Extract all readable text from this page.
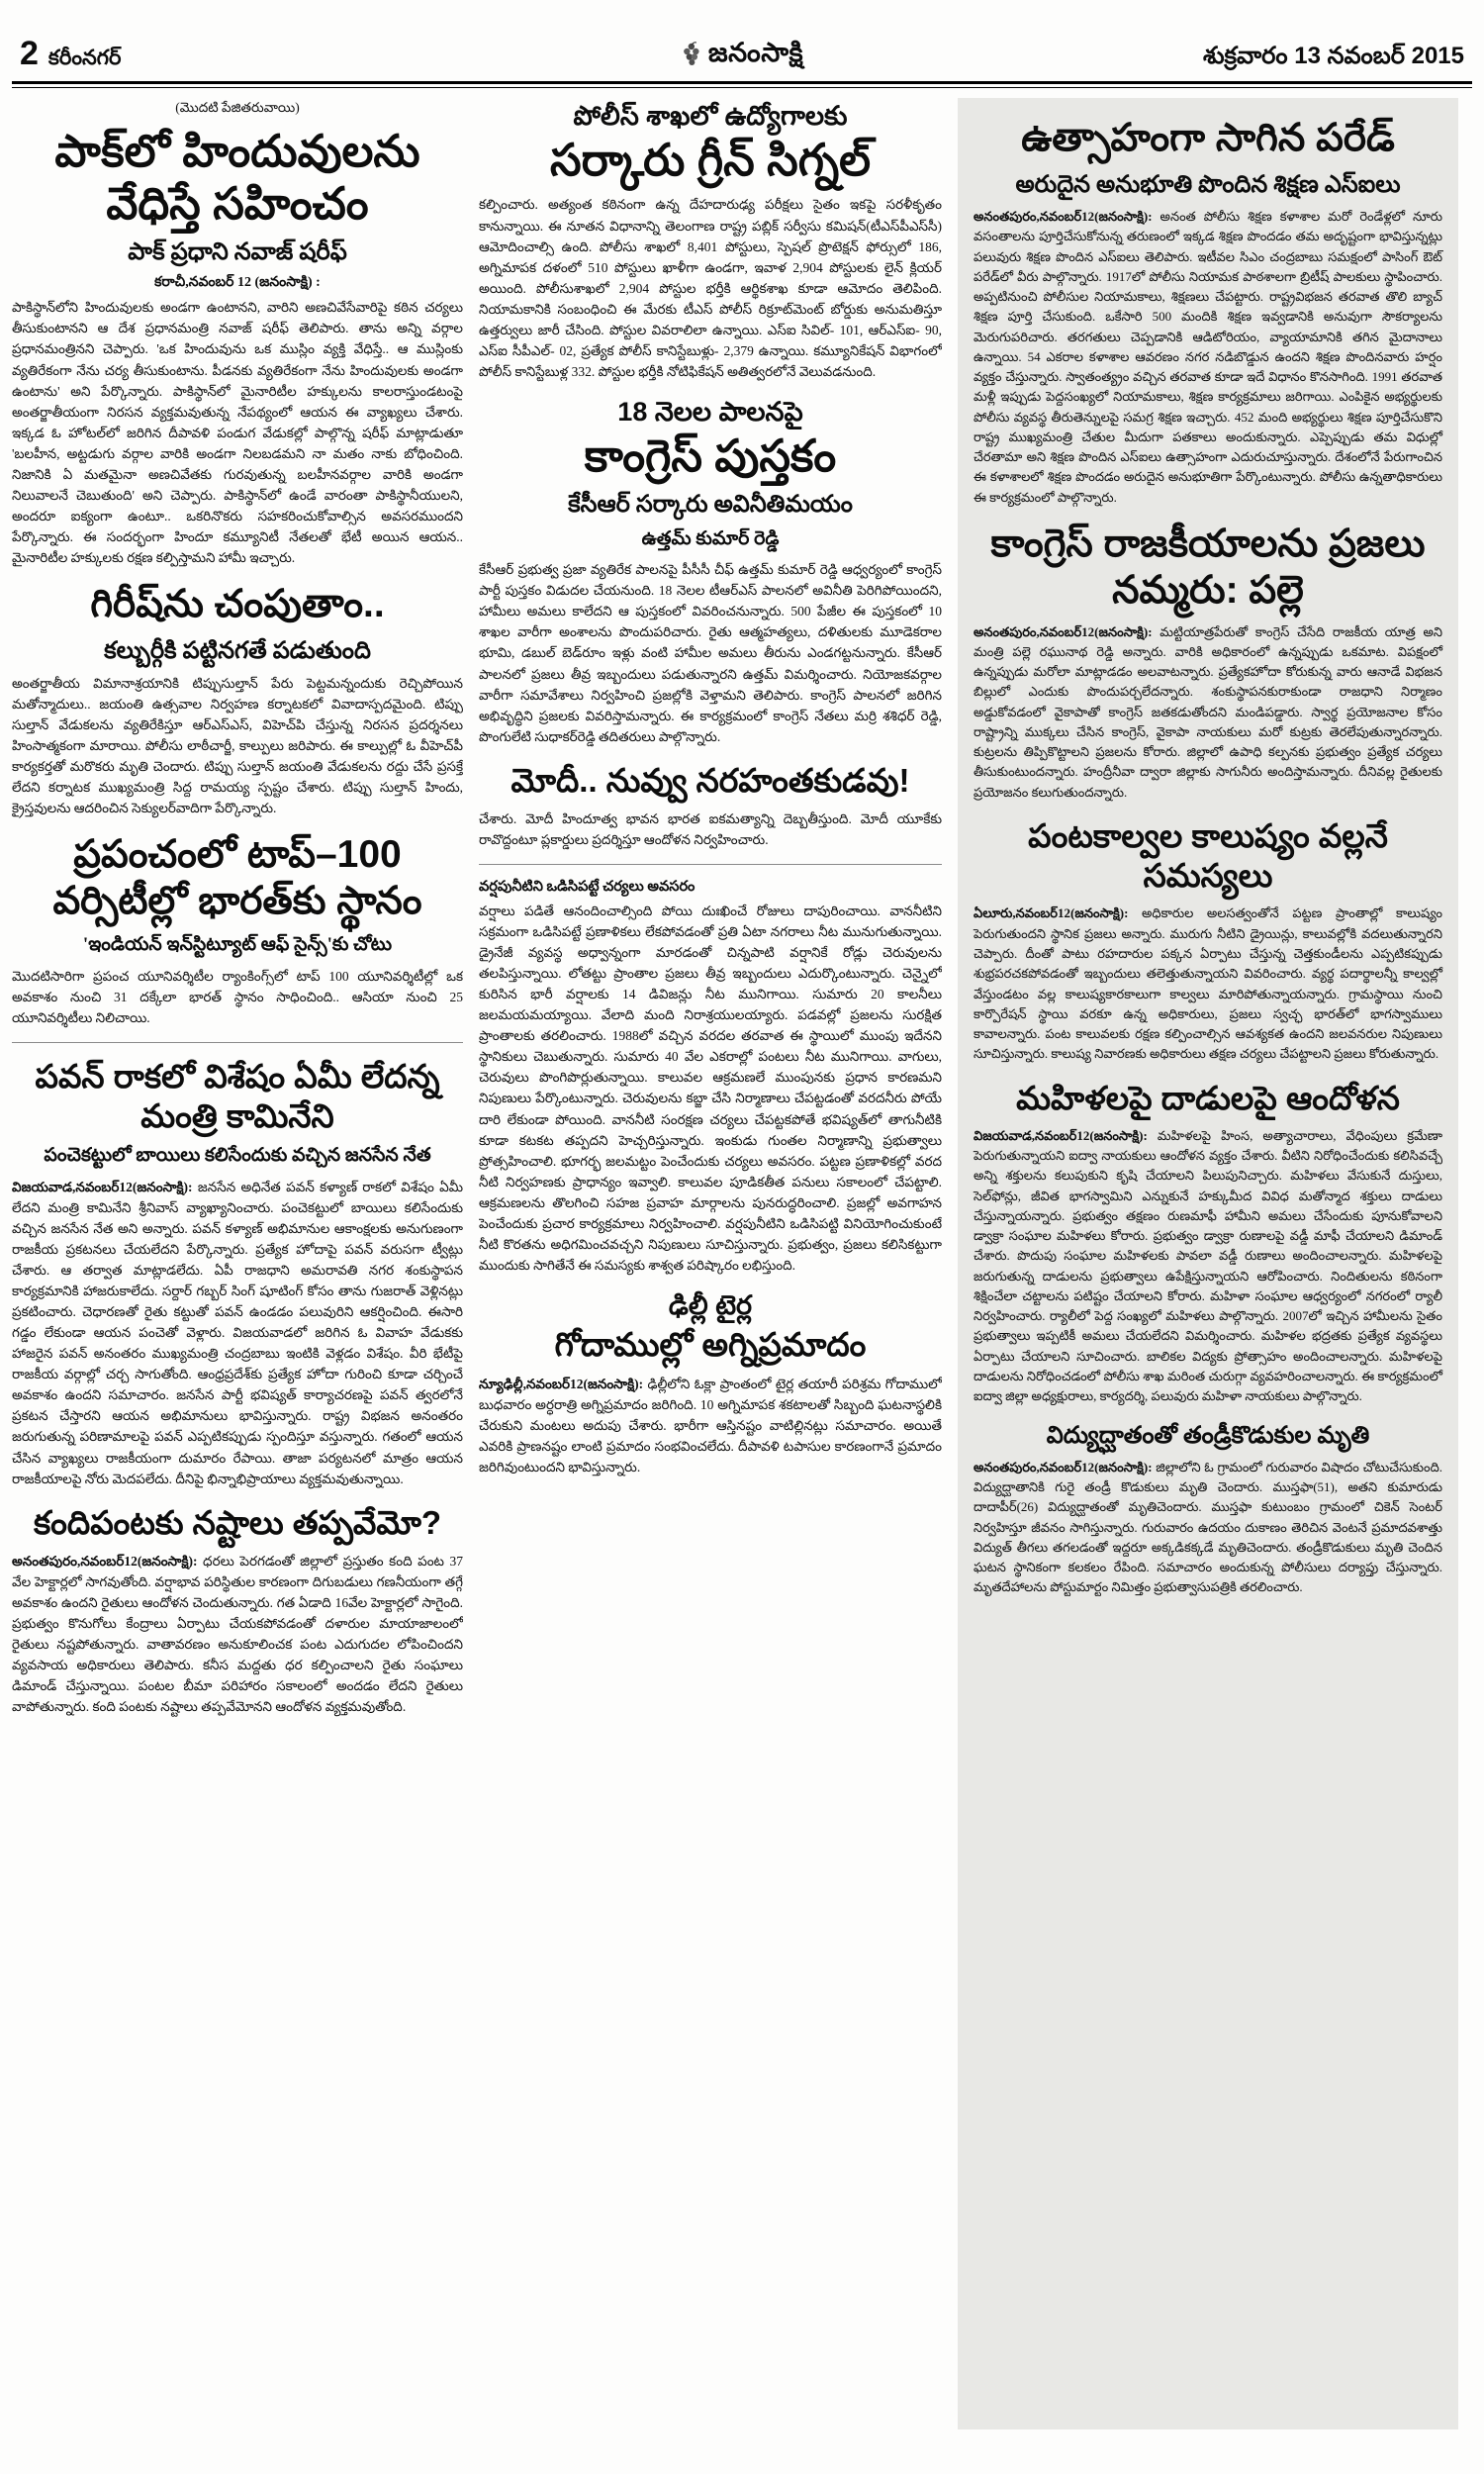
2 కరీంనగర్	జనంసాక్షి	శుక్రవారం 13 నవంబర్ 2015
(మొదటి పేజితరువాయి)
పాక్‌లో హిందువులను వేధిస్తే సహించం
పాక్ ప్రధాని నవాజ్ షరీఫ్
కరాచీ,నవంబర్ 12 (జనంసాక్షి) :

పాకిస్థాన్‌లోని హిందువులకు అండగా ఉంటానని, వారిని అణచివేసేవారిపై కఠిన చర్యలు తీసుకుంటానని ఆ దేశ ప్రధానమంత్రి నవాజ్ షరీఫ్ తెలిపారు. తాను అన్ని వర్గాల ప్రధానమంత్రినని చెప్పారు. 'ఒక హిందువును ఒక ముస్లిం వ్యక్తి వేధిస్తే.. ఆ ముస్లింకు వ్యతిరేకంగా నేను చర్య తీసుకుంటాను. పీడనకు వ్యతిరేకంగా నేను హిందువులకు అండగా ఉంటాను' అని పేర్కొన్నారు. పాకిస్థాన్‌లో మైనారిటీల హక్కులను కాలరాస్తుండటంపై అంతర్జాతీయంగా నిరసన వ్యక్తమవుతున్న నేపథ్యంలో ఆయన ఈ వ్యాఖ్యలు చేశారు. ఇక్కడ ఓ హోటల్‌లో జరిగిన దీపావళి పండుగ వేడుకల్లో పాల్గొన్న షరీఫ్ మాట్లాడుతూ 'బలహీన, అట్టడుగు వర్గాల వారికి అండగా నిలబడమని నా మతం నాకు బోధించింది. నిజానికి ఏ మతమైనా అణచివేతకు గురవుతున్న బలహీనవర్గాల వారికి అండగా నిలువాలనే చెబుతుంది' అని చెప్పారు. పాకిస్థాన్‌లో ఉండే వారంతా పాకిస్థానీయులని, అందరూ ఐక్యంగా ఉంటూ.. ఒకరినొకరు సహకరించుకోవాల్సిన అవసరముందని పేర్కొన్నారు. ఈ సందర్భంగా హిందూ కమ్యూనిటీ నేతలతో భేటీ అయిన ఆయన.. మైనారిటీల హక్కులకు రక్షణ కల్పిస్తామని హామీ ఇచ్చారు.

గిరీష్‌ను చంపుతాం..
కల్బుర్గీకి పట్టినగతే పడుతుంది

అంతర్జాతీయ విమానాశ్రయానికి టిప్పుసుల్తాన్ పేరు పెట్టమన్నందుకు రెచ్చిపోయిన మతోన్మాదులు.. జయంతి ఉత్సవాల నిర్వహణ కర్నాటకలో వివాదాస్పదమైంది. టిప్పు సుల్తాన్ వేడుకలను వ్యతిరేకిస్తూ ఆర్ఎస్ఎస్, విహెచ్‌పి చేస్తున్న నిరసన ప్రదర్శనలు హింసాత్మకంగా మారాయి. పోలీసు లాఠీచార్జీ, కాల్పులు జరిపారు. ఈ కాల్పుల్లో ఓ వీహెచ్‌పీ కార్యకర్తతో మరొకరు మృతి చెందారు. టిప్పు సుల్తాన్ జయంతి వేడుకలను రద్దు చేసే ప్రసక్తే లేదని కర్నాటక ముఖ్యమంత్రి సిద్ద రామయ్య స్పష్టం చేశారు. టిప్పు సుల్తాన్ హిందు, క్రైస్తవులను ఆదరించిన సెక్యులర్‌వాదిగా పేర్కొన్నారు.

ప్రపంచంలో టాప్–100 వర్సిటీల్లో భారత్‌కు స్థానం
'ఇండియన్ ఇన్‌స్టిట్యూట్ ఆఫ్ సైన్స్'కు చోటు

మొదటిసారిగా ప్రపంచ యూనివర్శిటీల ర్యాంకింగ్స్‌లో టాప్ 100 యూనివర్శిటీల్లో ఒక అవకాశం నుంచి 31 దక్కేలా భారత్ స్థానం సాధించింది.. ఆసియా నుంచి 25 యూనివర్శిటీలు నిలిచాయి.

పవన్ రాకలో విశేషం ఏమీ లేదన్న మంత్రి కామినేని
పంచెకట్టులో బాయిలు కలిసేందుకు వచ్చిన జనసేన నేత

విజయవాడ,నవంబర్12(జనంసాక్షి): జనసేన అధినేత పవన్ కళ్యాణ్ రాకలో విశేషం ఏమీ లేదని మంత్రి కామినేని శ్రీనివాస్ వ్యాఖ్యానించారు. పంచెకట్టులో బాయిలు కలిసేందుకు వచ్చిన జనసేన నేత అని అన్నారు. పవన్ కళ్యాణ్ అభిమానుల ఆకాంక్షలకు అనుగుణంగా రాజకీయ ప్రకటనలు చేయలేదని పేర్కొన్నారు. ప్రత్యేక హోదాపై పవన్ వరుసగా ట్వీట్లు చేశారు. ఆ తర్వాత మాట్లాడలేదు. ఏపీ రాజధాని అమరావతి నగర శంకుస్థాపన కార్యక్రమానికి హాజరుకాలేదు. సర్దార్ గబ్బర్ సింగ్ షూటింగ్ కోసం తాను గుజరాత్ వెళ్లినట్లు ప్రకటించారు. చెధారణతో రైతు కట్టుతో పవన్ ఉండడం పలువురిని ఆకర్షించింది. ఈసారి గడ్డం లేకుండా ఆయన పంచెతో వెళ్లారు. విజయవాడలో జరిగిన ఓ వివాహ వేడుకకు హాజరైన పవన్ అనంతరం ముఖ్యమంత్రి చంద్రబాబు ఇంటికి వెళ్లడం విశేషం. వీరి భేటీపై రాజకీయ వర్గాల్లో చర్చ సాగుతోంది. ఆంధ్రప్రదేశ్‌కు ప్రత్యేక హోదా గురించి కూడా చర్చించే అవకాశం ఉందని సమాచారం. జనసేన పార్టీ భవిష్యత్ కార్యాచరణపై పవన్ త్వరలోనే ప్రకటన చేస్తారని ఆయన అభిమానులు భావిస్తున్నారు. రాష్ట్ర విభజన అనంతరం జరుగుతున్న పరిణామాలపై పవన్ ఎప్పటికప్పుడు స్పందిస్తూ వస్తున్నారు. గతంలో ఆయన చేసిన వ్యాఖ్యలు రాజకీయంగా దుమారం రేపాయి. తాజా పర్యటనలో మాత్రం ఆయన రాజకీయాలపై నోరు మెదపలేదు. దీనిపై భిన్నాభిప్రాయాలు వ్యక్తమవుతున్నాయి.

కందిపంటకు నష్టాలు తప్పవేమో?

అనంతపురం,నవంబర్12(జనంసాక్షి): ధరలు పెరగడంతో జిల్లాలో ప్రస్తుతం కంది పంట 37 వేల హెక్టార్లలో సాగవుతోంది. వర్షాభావ పరిస్థితుల కారణంగా దిగుబడులు గణనీయంగా తగ్గే అవకాశం ఉందని రైతులు ఆందోళన చెందుతున్నారు. గత ఏడాది 16వేల హెక్టార్లలో సాగైంది. ప్రభుత్వం కొనుగోలు కేంద్రాలు ఏర్పాటు చేయకపోవడంతో దళారుల మాయాజాలంలో రైతులు నష్టపోతున్నారు. వాతావరణం అనుకూలించక పంట ఎదుగుదల లోపించిందని వ్యవసాయ అధికారులు తెలిపారు. కనీస మద్దతు ధర కల్పించాలని రైతు సంఘాలు డిమాండ్ చేస్తున్నాయి. పంటల బీమా పరిహారం సకాలంలో అందడం లేదని రైతులు వాపోతున్నారు. కంది పంటకు నష్టాలు తప్పవేమోనని ఆందోళన వ్యక్తమవుతోంది.

పోలీస్ శాఖలో ఉద్యోగాలకు
సర్కారు గ్రీన్ సిగ్నల్

కల్పించారు. అత్యంత కఠినంగా ఉన్న దేహదారుఢ్య పరీక్షలు సైతం ఇకపై సరళీకృతం కానున్నాయి. ఈ నూతన విధానాన్ని తెలంగాణ రాష్ట్ర పబ్లిక్ సర్వీసు కమిషన్(టీఎస్‌పీఎస్‌సీ) ఆమోదించాల్సి ఉంది. పోలీసు శాఖలో 8,401 పోస్టులు, స్పెషల్ ప్రొటెక్షన్ ఫోర్సులో 186, అగ్నిమాపక దళంలో 510 పోస్టులు ఖాళీగా ఉండగా, ఇవాళ 2,904 పోస్టులకు లైన్ క్లియర్ అయింది. పోలీసుశాఖలో 2,904 పోస్టుల భర్తీకి ఆర్థికశాఖ కూడా ఆమోదం తెలిపింది. నియామకానికి సంబంధించి ఈ మేరకు టీఎస్ పోలీస్ రిక్రూట్‌మెంట్ బోర్డుకు అనుమతిస్తూ ఉత్తర్వులు జారీ చేసింది. పోస్టుల వివరాలిలా ఉన్నాయి. ఎస్ఐ సివిల్- 101, ఆర్‌ఎస్ఐ- 90, ఎస్ఐ సీపీఎల్- 02, ప్రత్యేక పోలీస్ కానిస్టేబుళ్లు- 2,379 ఉన్నాయి. కమ్యూనికేషన్ విభాగంలో పోలీస్ కానిస్టేబుళ్ల 332. పోస్టుల భర్తీకి నోటిఫికేషన్ అతిత్వరలోనే వెలువడనుంది.

18 నెలల పాలనపై
కాంగ్రెస్ పుస్తకం
కేసీఆర్ సర్కారు అవినీతిమయం
ఉత్తమ్ కుమార్ రెడ్డి

కేసీఆర్ ప్రభుత్వ ప్రజా వ్యతిరేక పాలనపై పీసీసీ చీఫ్ ఉత్తమ్ కుమార్ రెడ్డి ఆధ్వర్యంలో కాంగ్రెస్ పార్టీ పుస్తకం విడుదల చేయనుంది. 18 నెలల టీఆర్ఎస్ పాలనలో అవినీతి పెరిగిపోయిందని, హామీలు అమలు కాలేదని ఆ పుస్తకంలో వివరించనున్నారు. 500 పేజీల ఈ పుస్తకంలో 10 శాఖల వారీగా అంశాలను పొందుపరిచారు. రైతు ఆత్మహత్యలు, దళితులకు మూడెకరాల భూమి, డబుల్ బెడ్‌రూం ఇళ్లు వంటి హామీల అమలు తీరును ఎండగట్టనున్నారు. కేసీఆర్ పాలనలో ప్రజలు తీవ్ర ఇబ్బందులు పడుతున్నారని ఉత్తమ్ విమర్శించారు. నియోజకవర్గాల వారీగా సమావేశాలు నిర్వహించి ప్రజల్లోకి వెళ్తామని తెలిపారు. కాంగ్రెస్ పాలనలో జరిగిన అభివృద్ధిని ప్రజలకు వివరిస్తామన్నారు. ఈ కార్యక్రమంలో కాంగ్రెస్ నేతలు మర్రి శశిధర్ రెడ్డి, పొంగులేటి సుధాకర్‌రెడ్డి తదితరులు పాల్గొన్నారు.

మోదీ.. నువ్వు నరహంతకుడవు!

చేశారు. మోదీ హిందూత్వ భావన భారత ఐకమత్యాన్ని దెబ్బతీస్తుంది. మోదీ యూకేకు రావొద్దంటూ ప్లకార్డులు ప్రదర్శిస్తూ ఆందోళన నిర్వహించారు.

వర్షపునీటిని ఒడిసిపట్టే చర్యలు అవసరం

వర్షాలు పడితే ఆనందించాల్సింది పోయి దుఃఖించే రోజులు దాపురించాయి. వాననీటిని సక్రమంగా ఒడిసిపట్టే ప్రణాళికలు లేకపోవడంతో ప్రతి ఏటా నగరాలు నీట మునుగుతున్నాయి. డ్రైనేజీ వ్యవస్థ అధ్వాన్నంగా మారడంతో చిన్నపాటి వర్షానికే రోడ్లు చెరువులను తలపిస్తున్నాయి. లోతట్టు ప్రాంతాల ప్రజలు తీవ్ర ఇబ్బందులు ఎదుర్కొంటున్నారు. చెన్నైలో కురిసిన భారీ వర్షాలకు 14 డివిజన్లు నీట మునిగాయి. సుమారు 20 కాలనీలు జలమయమయ్యాయి. వేలాది మంది నిరాశ్రయులయ్యారు. పడవల్లో ప్రజలను సురక్షిత ప్రాంతాలకు తరలించారు. 1988లో వచ్చిన వరదల తరవాత ఈ స్థాయిలో ముంపు ఇదేనని స్థానికులు చెబుతున్నారు. సుమారు 40 వేల ఎకరాల్లో పంటలు నీట మునిగాయి. వాగులు, చెరువులు పొంగిపొర్లుతున్నాయి. కాలువల ఆక్రమణలే ముంపునకు ప్రధాన కారణమని నిపుణులు పేర్కొంటున్నారు. చెరువులను కబ్జా చేసి నిర్మాణాలు చేపట్టడంతో వరదనీరు పోయే దారి లేకుండా పోయింది. వాననీటి సంరక్షణ చర్యలు చేపట్టకపోతే భవిష్యత్‌లో తాగునీటికి కూడా కటకట తప్పదని హెచ్చరిస్తున్నారు. ఇంకుడు గుంతల నిర్మాణాన్ని ప్రభుత్వాలు ప్రోత్సహించాలి. భూగర్భ జలమట్టం పెంచేందుకు చర్యలు అవసరం. పట్టణ ప్రణాళికల్లో వరద నీటి నిర్వహణకు ప్రాధాన్యం ఇవ్వాలి. కాలువల పూడికతీత పనులు సకాలంలో చేపట్టాలి. ఆక్రమణలను తొలగించి సహజ ప్రవాహ మార్గాలను పునరుద్ధరించాలి. ప్రజల్లో అవగాహన పెంచేందుకు ప్రచార కార్యక్రమాలు నిర్వహించాలి. వర్షపునీటిని ఒడిసిపట్టి వినియోగించుకుంటే నీటి కొరతను అధిగమించవచ్చని నిపుణులు సూచిస్తున్నారు. ప్రభుత్వం, ప్రజలు కలిసికట్టుగా ముందుకు సాగితేనే ఈ సమస్యకు శాశ్వత పరిష్కారం లభిస్తుంది.

ఢిల్లీ టైర్ల
గోదాముల్లో అగ్నిప్రమాదం

న్యూఢిల్లీ,నవంబర్12(జనంసాక్షి): ఢిల్లీలోని ఓక్లా ప్రాంతంలో టైర్ల తయారీ పరిశ్రమ గోదాములో బుధవారం అర్ధరాత్రి అగ్నిప్రమాదం జరిగింది. 10 అగ్నిమాపక శకటాలతో సిబ్బంది ఘటనాస్థలికి చేరుకుని మంటలు అదుపు చేశారు. భారీగా ఆస్తినష్టం వాటిల్లినట్లు సమాచారం. అయితే ఎవరికి ప్రాణనష్టం లాంటి ప్రమాదం సంభవించలేదు. దీపావళి టపాసుల కారణంగానే ప్రమాదం జరిగివుంటుందని భావిస్తున్నారు.

ఉత్సాహంగా సాగిన పరేడ్
అరుదైన అనుభూతి పొందిన శిక్షణ ఎస్ఐలు

అనంతపురం,నవంబర్12(జనంసాక్షి): అనంత పోలీసు శిక్షణ కళాశాల మరో రెండేళ్లలో నూరు వసంతాలను పూర్తిచేసుకోనున్న తరుణంలో ఇక్కడ శిక్షణ పొందడం తమ అదృష్టంగా భావిస్తున్నట్లు పలువురు శిక్షణ పొందిన ఎస్ఐలు తెలిపారు. ఇటీవల సిఎం చంద్రబాబు సమక్షంలో పాసింగ్ ఔట్ పరేడ్‌లో వీరు పాల్గొన్నారు. 1917లో పోలీసు నియామక పాఠశాలగా బ్రిటీష్ పాలకులు స్థాపించారు. అప్పటినుంచి పోలీసుల నియామకాలు, శిక్షణలు చేపట్టారు. రాష్ట్రవిభజన తరవాత తొలి బ్యాచ్ శిక్షణ పూర్తి చేసుకుంది. ఒకేసారి 500 మందికి శిక్షణ ఇవ్వడానికి అనువుగా సౌకర్యాలను మెరుగుపరిచారు. తరగతులు చెప్పడానికి ఆడిటోరియం, వ్యాయామానికి తగిన మైదానాలు ఉన్నాయి. 54 ఎకరాల కళాశాల ఆవరణం నగర నడిబొడ్డున ఉందని శిక్షణ పొందినవారు హర్షం వ్యక్తం చేస్తున్నారు. స్వాతంత్య్రం వచ్చిన తరవాత కూడా ఇదే విధానం కొనసాగింది. 1991 తరవాత మళ్లీ ఇప్పుడు పెద్దసంఖ్యలో నియామకాలు, శిక్షణ కార్యక్రమాలు జరిగాయి. ఎంపికైన అభ్యర్థులకు పోలీసు వ్యవస్థ తీరుతెన్నులపై సమగ్ర శిక్షణ ఇచ్చారు. 452 మంది అభ్యర్థులు శిక్షణ పూర్తిచేసుకొని రాష్ట్ర ముఖ్యమంత్రి చేతుల మీదుగా పతకాలు అందుకున్నారు. ఎప్పెప్పుడు తమ విధుల్లో చేరతామా అని శిక్షణ పొందిన ఎస్ఐలు ఉత్సాహంగా ఎదురుచూస్తున్నారు. దేశంలోనే పేరుగాంచిన ఈ కళాశాలలో శిక్షణ పొందడం అరుదైన అనుభూతిగా పేర్కొంటున్నారు. పోలీసు ఉన్నతాధికారులు ఈ కార్యక్రమంలో పాల్గొన్నారు.

కాంగ్రెస్ రాజకీయాలను ప్రజలు నమ్మరు: పల్లె

అనంతపురం,నవంబర్12(జనంసాక్షి): మట్టియాత్రపేరుతో కాంగ్రెస్ చేసేది రాజకీయ యాత్ర అని మంత్రి పల్లె రఘునాథ రెడ్డి అన్నారు. వారికి అధికారంలో ఉన్నప్పుడు ఒకమాట. విపక్షంలో ఉన్నప్పుడు మరోలా మాట్లాడడం అలవాటన్నారు. ప్రత్యేకహోదా కోరుకున్న వారు ఆనాడే విభజన బిల్లులో ఎందుకు పొందుపర్చలేదన్నారు. శంకుస్థాపనకురాకుండా రాజధాని నిర్మాణం అడ్డుకోవడంలో వైకాపాతో కాంగ్రెస్ జతకడుతోందని మండిపడ్డారు. స్వార్థ ప్రయోజనాల కోసం రాష్ట్రాన్ని ముక్కలు చేసిన కాంగ్రెస్, వైకాపా నాయకులు మరో కుట్రకు తెరలేపుతున్నారన్నారు. కుట్రలను తిప్పికొట్టాలని ప్రజలను కోరారు. జిల్లాలో ఉపాధి కల్పనకు ప్రభుత్వం ప్రత్యేక చర్యలు తీసుకుంటుందన్నారు. హంద్రీనీవా ద్వారా జిల్లాకు సాగునీరు అందిస్తామన్నారు. దీనివల్ల రైతులకు ప్రయోజనం కలుగుతుందన్నారు.

పంటకాల్వల కాలుష్యం వల్లనే సమస్యలు

ఏలూరు,నవంబర్12(జనంసాక్షి): అధికారుల అలసత్వంతోనే పట్టణ ప్రాంతాల్లో కాలుష్యం పెరుగుతుందని స్థానిక ప్రజలు అన్నారు. మురుగు నీటిని డ్రైయిన్లు, కాలువల్లోకి వదలుతున్నారని చెప్పారు. దీంతో పాటు రహదారుల పక్కన ఏర్పాటు చేస్తున్న చెత్తకుండీలను ఎప్పటికప్పుడు శుభ్రపరచకపోవడంతో ఇబ్బందులు తలెత్తుతున్నాయని వివరించారు. వ్యర్థ పదార్థాలన్నీ కాల్వల్లో వేస్తుండటం వల్ల కాలుష్యకారకాలుగా కాల్వలు మారిపోతున్నాయన్నారు. గ్రామస్థాయి నుంచి కార్పొరేషన్ స్థాయి వరకూ ఉన్న అధికారులు, ప్రజలు స్వచ్ఛ భారత్‌లో భాగస్వాములు కావాలన్నారు. పంట కాలువలకు రక్షణ కల్పించాల్సిన ఆవశ్యకత ఉందని జలవనరుల నిపుణులు సూచిస్తున్నారు. కాలుష్య నివారణకు అధికారులు తక్షణ చర్యలు చేపట్టాలని ప్రజలు కోరుతున్నారు.

మహిళలపై దాడులపై ఆందోళన

విజయవాడ,నవంబర్12(జనంసాక్షి): మహిళలపై హింస, అత్యాచారాలు, వేధింపులు క్రమేణా పెరుగుతున్నాయని ఐద్వా నాయకులు ఆందోళన వ్యక్తం చేశారు. వీటిని నిరోధించేందుకు కలిసివచ్చే అన్ని శక్తులను కలుపుకుని కృషి చేయాలని పిలుపునిచ్చారు. మహిళలు వేసుకునే దుస్తులు, సెల్‌ఫోన్లు, జీవిత భాగస్వామిని ఎన్నుకునే హక్కుమీద వివిధ మతోన్మాద శక్తులు దాడులు చేస్తున్నాయన్నారు. ప్రభుత్వం తక్షణం రుణమాఫీ హామీని అమలు చేసేందుకు పూనుకోవాలని డ్వాక్రా సంఘాల మహిళలు కోరారు. ప్రభుత్వం డ్వాక్రా రుణాలపై వడ్డీ మాఫీ చేయాలని డిమాండ్ చేశారు. పొదుపు సంఘాల మహిళలకు పావలా వడ్డీ రుణాలు అందించాలన్నారు. మహిళలపై జరుగుతున్న దాడులను ప్రభుత్వాలు ఉపేక్షిస్తున్నాయని ఆరోపించారు. నిందితులను కఠినంగా శిక్షించేలా చట్టాలను పటిష్టం చేయాలని కోరారు. మహిళా సంఘాల ఆధ్వర్యంలో నగరంలో ర్యాలీ నిర్వహించారు. ర్యాలీలో పెద్ద సంఖ్యలో మహిళలు పాల్గొన్నారు. 2007లో ఇచ్చిన హామీలను సైతం ప్రభుత్వాలు ఇప్పటికీ అమలు చేయలేదని విమర్శించారు. మహిళల భద్రతకు ప్రత్యేక వ్యవస్థలు ఏర్పాటు చేయాలని సూచించారు. బాలికల విద్యకు ప్రోత్సాహం అందించాలన్నారు. మహిళలపై దాడులను నిరోధించడంలో పోలీసు శాఖ మరింత చురుగ్గా వ్యవహరించాలన్నారు. ఈ కార్యక్రమంలో ఐద్వా జిల్లా అధ్యక్షురాలు, కార్యదర్శి, పలువురు మహిళా నాయకులు పాల్గొన్నారు.

విద్యుద్ఘాతంతో తండ్రీకొడుకుల మృతి

అనంతపురం,నవంబర్12(జనంసాక్షి): జిల్లాలోని ఓ గ్రామంలో గురువారం విషాదం చోటుచేసుకుంది. విద్యుద్ఘాతానికి గురై తండ్రీ కొడుకులు మృతి చెందారు. ముస్తఫా(51), అతని కుమారుడు దాదాపీర్(26) విద్యుద్ఘాతంతో మృతిచెందారు. ముస్తఫా కుటుంబం గ్రామంలో చికెన్ సెంటర్ నిర్వహిస్తూ జీవనం సాగిస్తున్నారు. గురువారం ఉదయం దుకాణం తెరిచిన వెంటనే ప్రమాదవశాత్తు విద్యుత్ తీగలు తగలడంతో ఇద్దరూ అక్కడికక్కడే మృతిచెందారు. తండ్రీకొడుకులు మృతి చెందిన ఘటన స్థానికంగా కలకలం రేపింది. సమాచారం అందుకున్న పోలీసులు దర్యాప్తు చేస్తున్నారు. మృతదేహాలను పోస్టుమార్టం నిమిత్తం ప్రభుత్వాసుపత్రికి తరలించారు.
